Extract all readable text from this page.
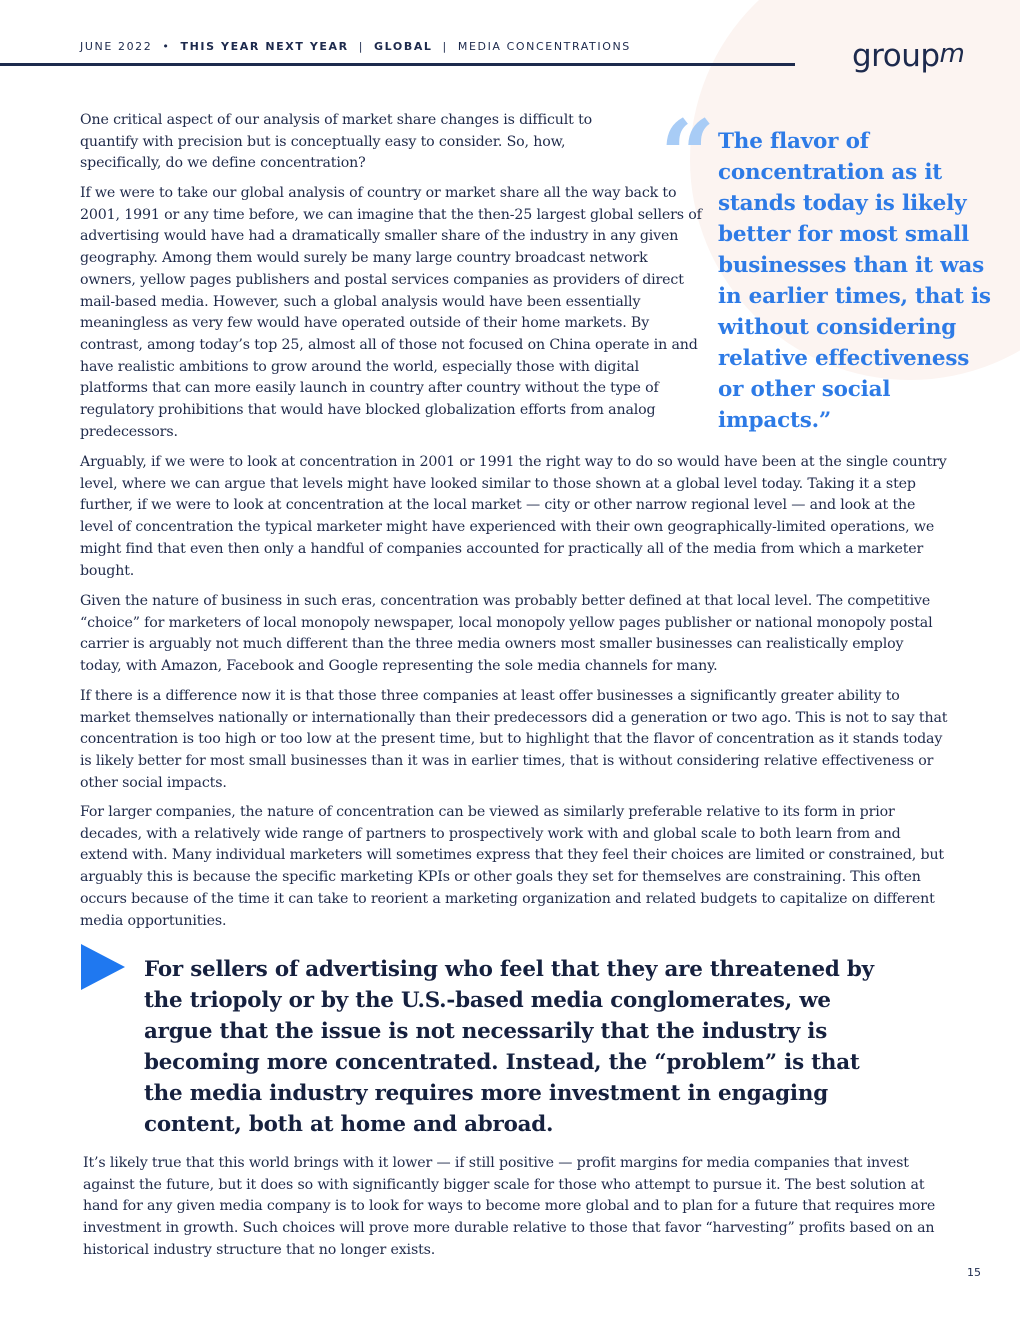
JUNE 2022 • THIS YEAR NEXT YEAR | GLOBAL | MEDIA CONCENTRATIONS	group$^m$

One critical aspect of our analysis of market share changes is difficult to quantify with precision but is conceptually easy to consider. So, how, specifically, do we define concentration?

If we were to take our global analysis of country or market share all the way back to 2001, 1991 or any time before, we can imagine that the then-25 largest global sellers of advertising would have had a dramatically smaller share of the industry in any given geography. Among them would surely be many large country broadcast network owners, yellow pages publishers and postal services companies as providers of direct mail-based media. However, such a global analysis would have been essentially meaningless as very few would have operated outside of their home markets. By contrast, among today’s top 25, almost all of those not focused on China operate in and have realistic ambitions to grow around the world, especially those with digital platforms that can more easily launch in country after country without the type of regulatory prohibitions that would have blocked globalization efforts from analog predecessors.

“ The flavor of concentration as it stands today is likely better for most small businesses than it was in earlier times, that is without considering relative effectiveness or other social impacts.”

Arguably, if we were to look at concentration in 2001 or 1991 the right way to do so would have been at the single country level, where we can argue that levels might have looked similar to those shown at a global level today. Taking it a step further, if we were to look at concentration at the local market — city or other narrow regional level — and look at the level of concentration the typical marketer might have experienced with their own geographically-limited operations, we might find that even then only a handful of companies accounted for practically all of the media from which a marketer bought.

Given the nature of business in such eras, concentration was probably better defined at that local level. The competitive “choice” for marketers of local monopoly newspaper, local monopoly yellow pages publisher or national monopoly postal carrier is arguably not much different than the three media owners most smaller businesses can realistically employ today, with Amazon, Facebook and Google representing the sole media channels for many.

If there is a difference now it is that those three companies at least offer businesses a significantly greater ability to market themselves nationally or internationally than their predecessors did a generation or two ago. This is not to say that concentration is too high or too low at the present time, but to highlight that the flavor of concentration as it stands today is likely better for most small businesses than it was in earlier times, that is without considering relative effectiveness or other social impacts.

For larger companies, the nature of concentration can be viewed as similarly preferable relative to its form in prior decades, with a relatively wide range of partners to prospectively work with and global scale to both learn from and extend with. Many individual marketers will sometimes express that they feel their choices are limited or constrained, but arguably this is because the specific marketing KPIs or other goals they set for themselves are constraining. This often occurs because of the time it can take to reorient a marketing organization and related budgets to capitalize on different media opportunities.

For sellers of advertising who feel that they are threatened by the triopoly or by the U.S.-based media conglomerates, we argue that the issue is not necessarily that the industry is becoming more concentrated. Instead, the “problem” is that the media industry requires more investment in engaging content, both at home and abroad.

It’s likely true that this world brings with it lower — if still positive — profit margins for media companies that invest against the future, but it does so with significantly bigger scale for those who attempt to pursue it. The best solution at hand for any given media company is to look for ways to become more global and to plan for a future that requires more investment in growth. Such choices will prove more durable relative to those that favor “harvesting” profits based on an historical industry structure that no longer exists.

15
